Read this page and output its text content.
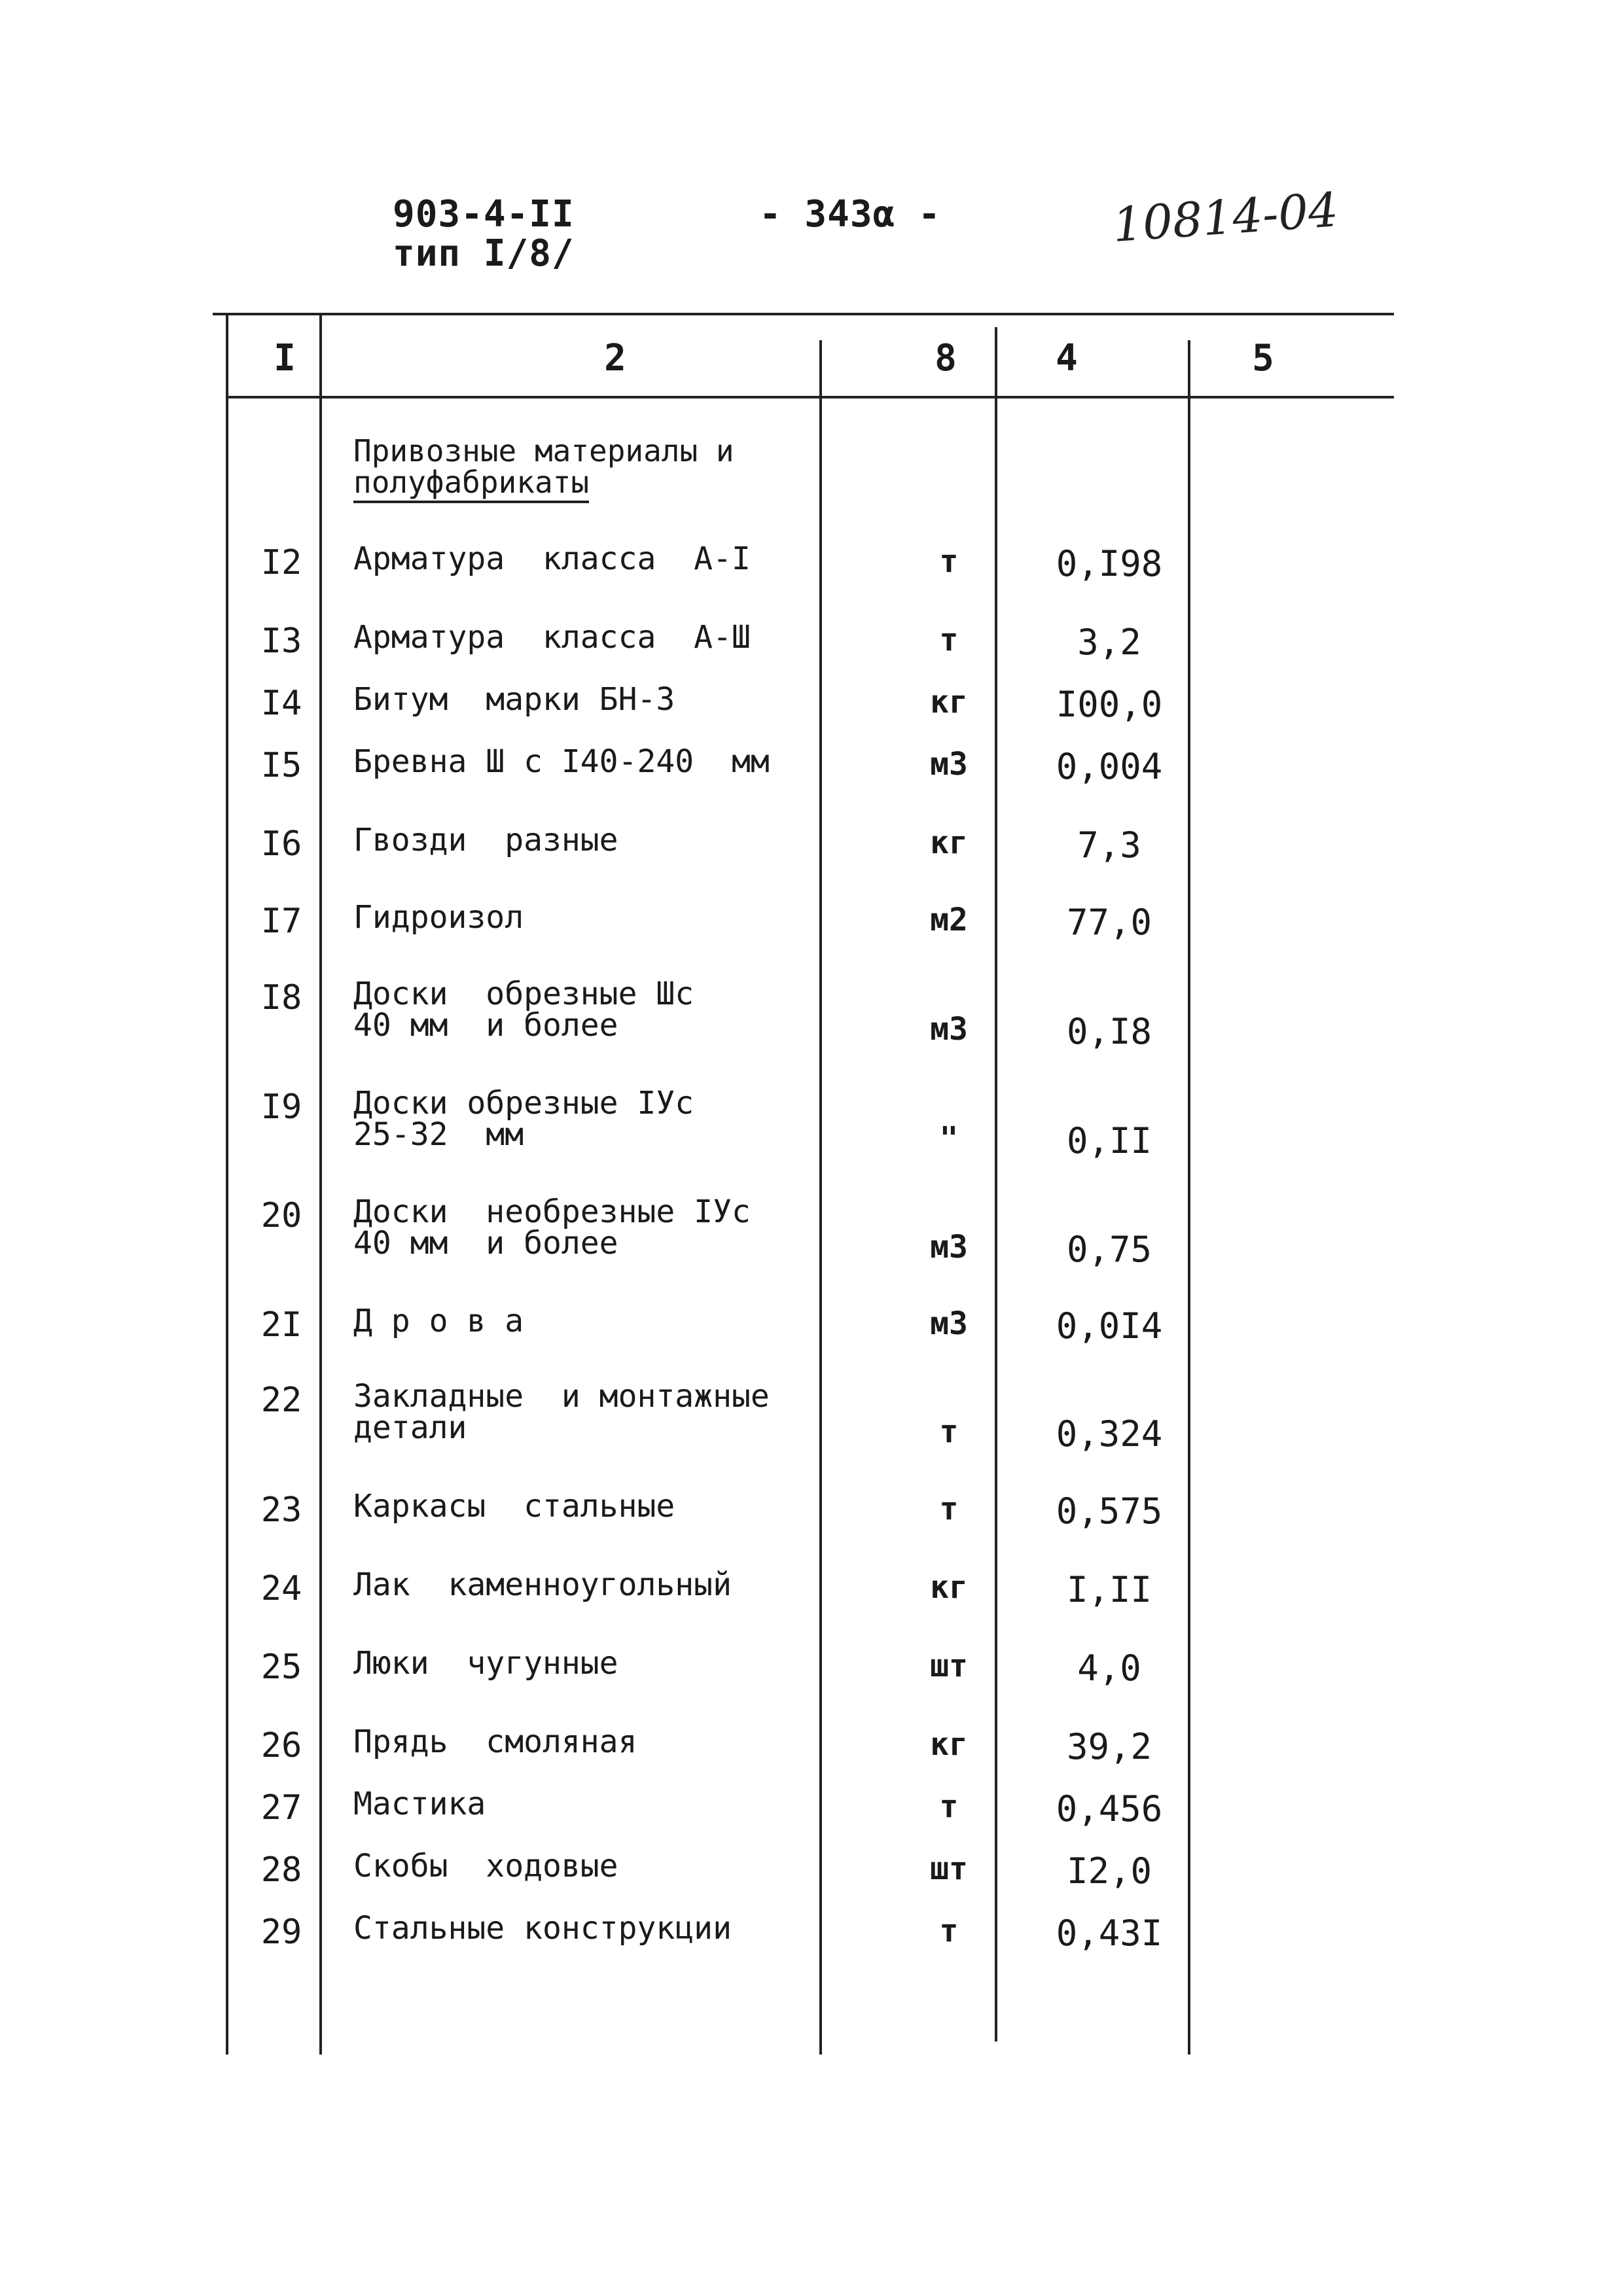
903-4-II
тип I/8/
- 343α -	10814-04
I	2	8	4	5
Привозные материалы и
полуфабрикаты
I2	Арматура  класса  А-I	т	0,I98
I3	Арматура  класса  А-Ш	т	3,2
I4	Битум  марки БН-3	кг	I00,0
I5	Бревна Ш с I40-240  мм	м3	0,004
I6	Гвозди  разные	кг	7,3
I7	Гидроизол	м2	77,0
I8	Доски  обрезные Шс
40 мм  и более	м3	0,I8
I9	Доски обрезные IУс
25-32  мм	"	0,II
20	Доски  необрезные IУс
40 мм  и более	м3	0,75
2I	Д р о в а	м3	0,0I4
22	Закладные  и монтажные
детали	т	0,324
23	Каркасы  стальные	т	0,575
24	Лак  каменноугольный	кг	I,II
25	Люки  чугунные	шт	4,0
26	Прядь  смоляная	кг	39,2
27	Мастика	т	0,456
28	Скобы  ходовые	шт	I2,0
29	Стальные конструкции	т	0,43I
